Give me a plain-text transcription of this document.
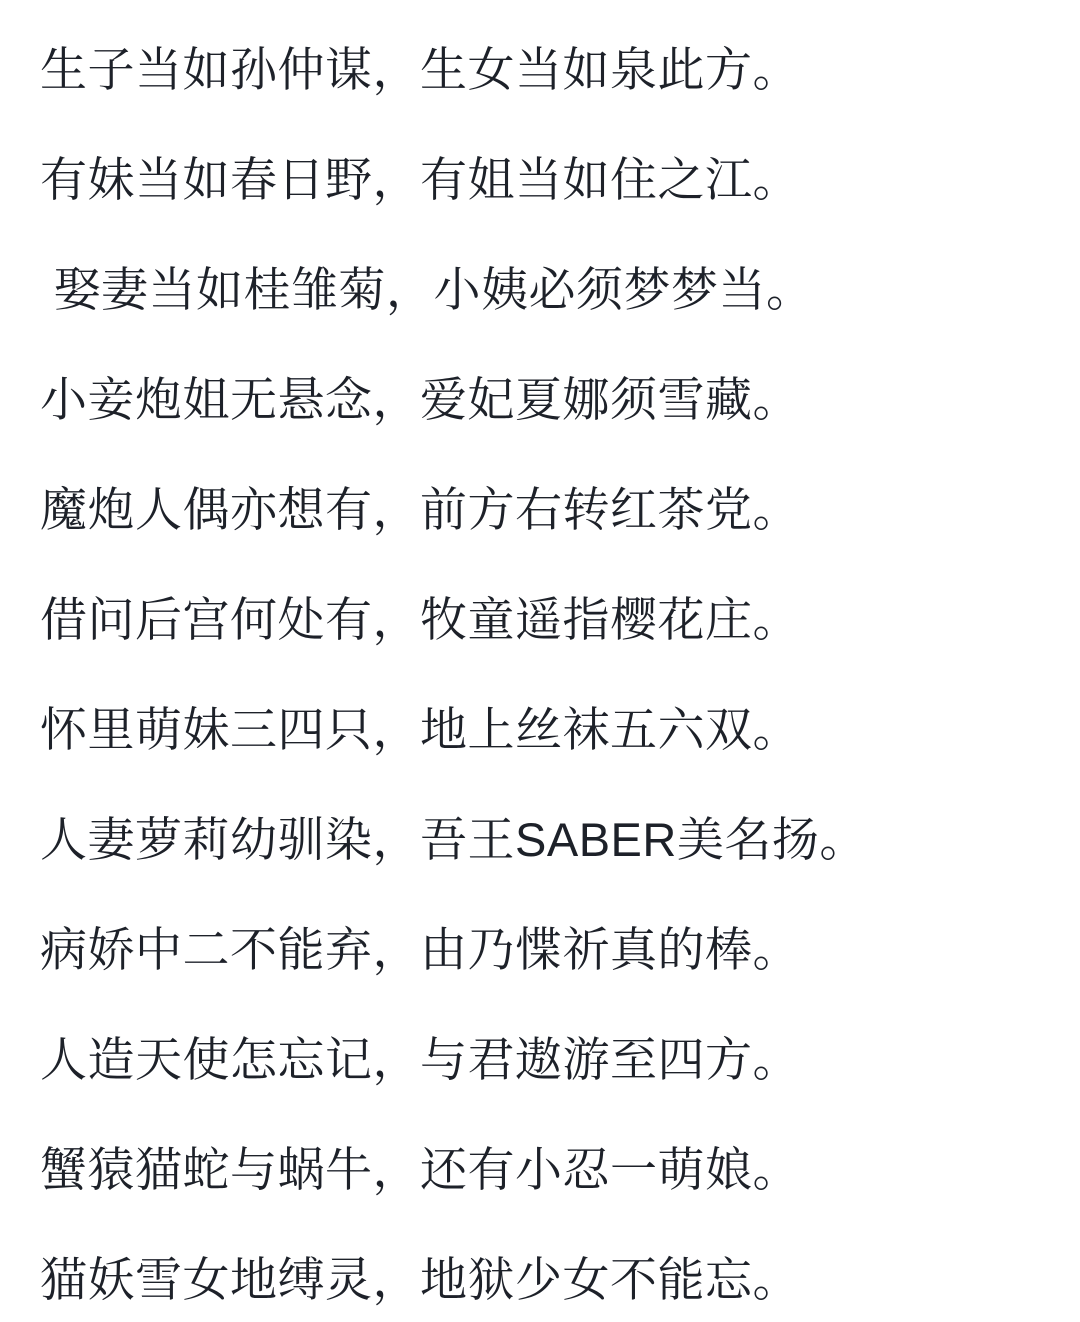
生子当如孙仲谋，生女当如泉此方。

有妹当如春日野，有姐当如住之江。

娶妻当如桂雏菊，小姨必须梦梦当。

小妾炮姐无悬念，爱妃夏娜须雪藏。

魔炮人偶亦想有，前方右转红茶党。

借问后宫何处有，牧童遥指樱花庄。

怀里萌妹三四只，地上丝袜五六双。

人妻萝莉幼驯染，吾王SABER美名扬。

病娇中二不能弃，由乃惵祈真的棒。

人造天使怎忘记，与君遨游至四方。

蟹猿猫蛇与蜗牛，还有小忍一萌娘。

猫妖雪女地缚灵，地狱少女不能忘。
